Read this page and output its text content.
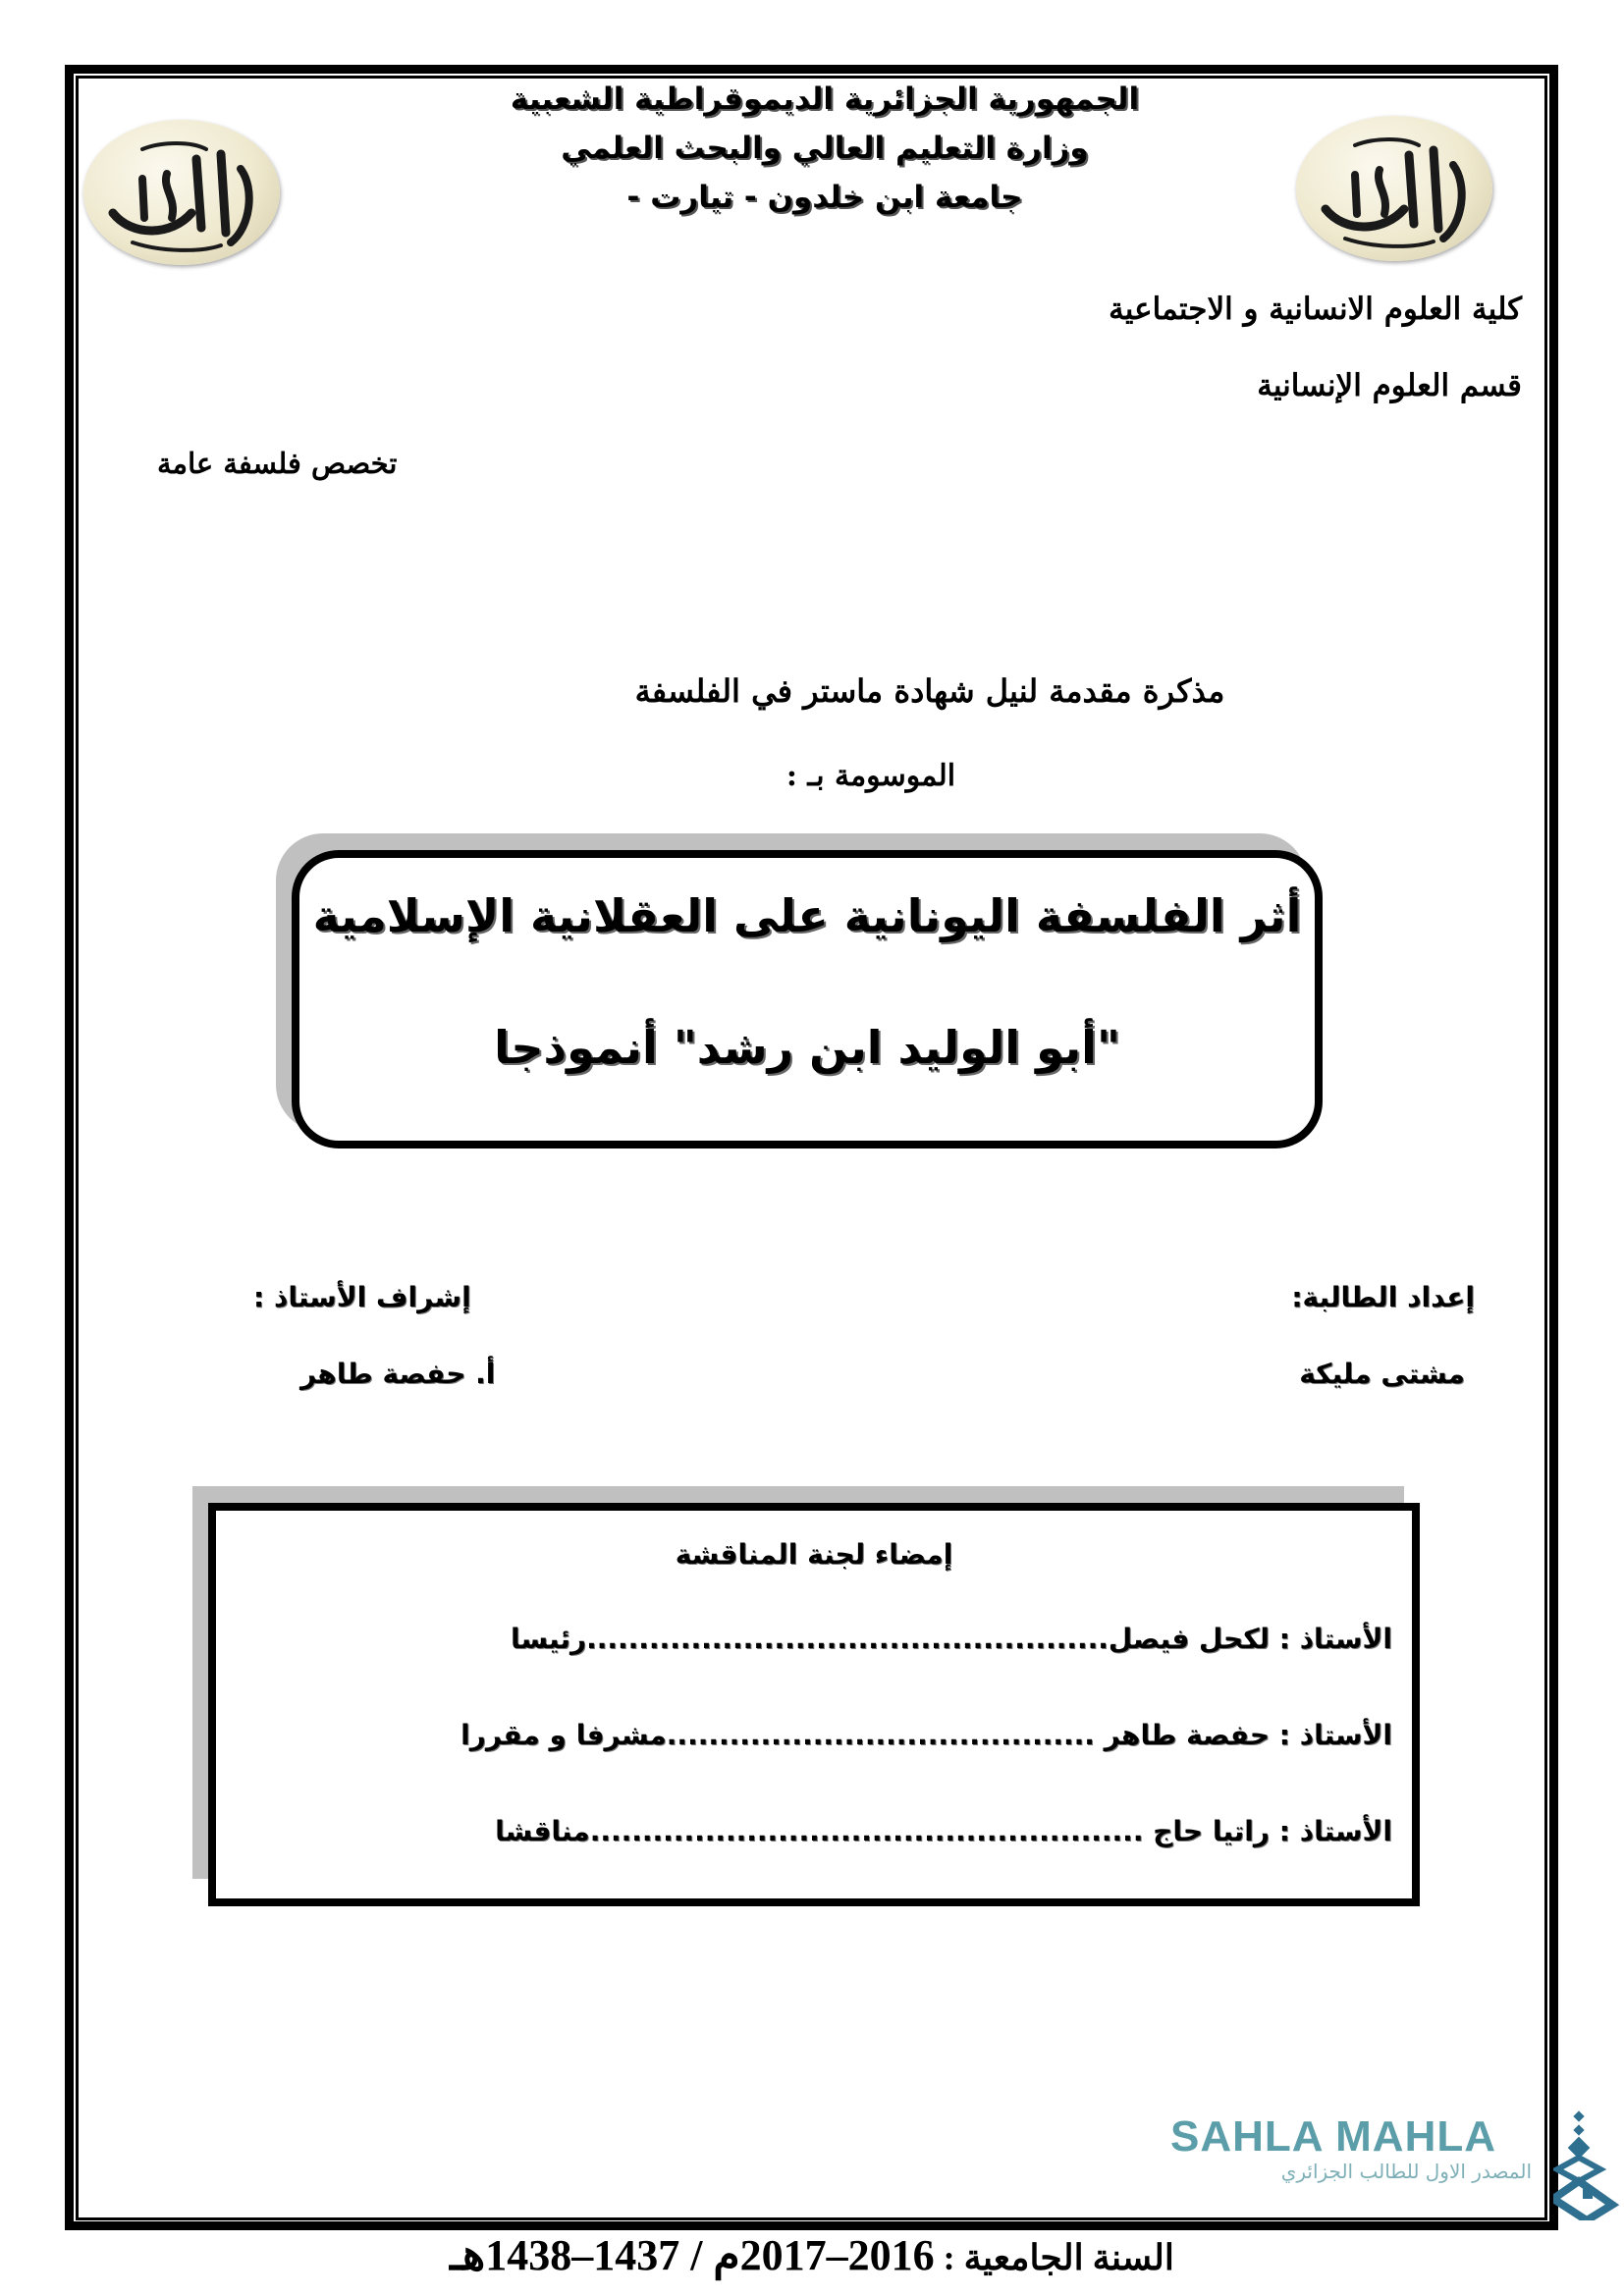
الجمهورية الجزائرية الديموقراطية الشعبية
وزارة التعليم العالي والبحث العلمي
جامعة ابن خلدون - تيارت -
كلية العلوم الانسانية و الاجتماعية
قسم العلوم الإنسانية
تخصص فلسفة عامة
مذكرة مقدمة لنيل شهادة ماستر في الفلسفة
الموسومة بـ :
أثر الفلسفة اليونانية على العقلانية الإسلامية
"أبو الوليد ابن رشد" أنموذجا
إعداد الطالبة:
مشتى مليكة
إشراف الأستاذ :
أ. حفصة طاهر
إمضاء لجنة المناقشة
الأستاذ : لكحل فيصل..................................................رئيسا
الأستاذ : حفصة طاهر .........................................مشرفا و مقررا
الأستاذ : راتيا حاج .....................................................مناقشا
SAHLA MAHLA
المصدر الاول للطالب الجزائري
السنة الجامعية : 2016–2017م / 1437–1438هـ
